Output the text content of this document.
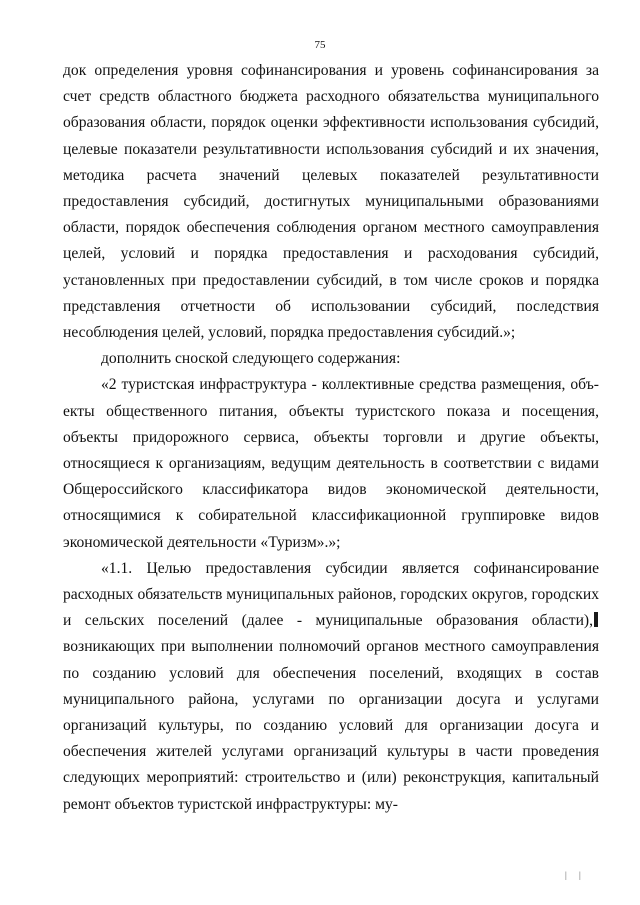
75

док определения уровня софинансирования и уровень софинансирования за счет средств областного бюджета расходного обязательства муниципального образования области, порядок оценки эффективности использования субсидий, целевые показатели результативности использования субсидий и их значения, методика расчета значений целевых показателей результативности предоставления субсидий, достигнутых муниципальными образованиями области, порядок обеспечения соблюдения органом местного самоуправления целей, условий и порядка предоставления и расходования субсидий, установленных при предоставлении субсидий, в том числе сроков и порядка представления отчетности об использовании субсидий, последствия несоблюдения целей, условий, порядка предоставления субсидий.»;

дополнить сноской следующего содержания:

«2 туристская инфраструктура - коллективные средства размещения, объекты общественного питания, объекты туристского показа и посещения, объекты придорожного сервиса, объекты торговли и другие объекты, относящиеся к организациям, ведущим деятельность в соответствии с видами Общероссийского классификатора видов экономической деятельности, относящимися к собирательной классификационной группировке видов экономической деятельности «Туризм».»;

«1.1. Целью предоставления субсидии является софинансирование расходных обязательств муниципальных районов, городских округов, городских и сельских поселений (далее - муниципальные образования области),возникающих при выполнении полномочий органов местного самоуправления по созданию условий для обеспечения поселений, входящих в состав муниципального района, услугами по организации досуга и услугами организаций культуры, по созданию условий для организации досуга и обеспечения жителей услугами организаций культуры в части проведения следующих мероприятий: строительство и (или) реконструкция, капитальный ремонт объектов туристской инфраструктуры: му-

| |
